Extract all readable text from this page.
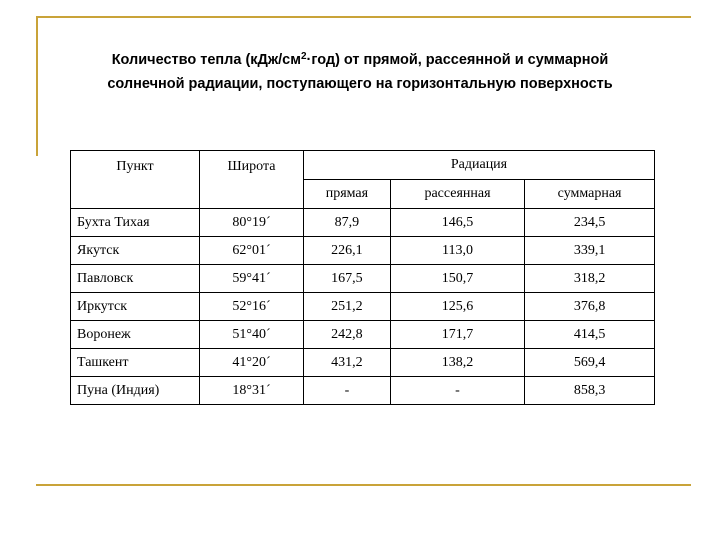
Количество тепла $(кДж/см^2\cdot год)$ от прямой, рассеянной и суммарной
солнечной радиации, поступающего на горизонтальную поверхность
Пункт	Широта	Радиация		
		прямая	рассеянная	суммарная
Бухта Тихая	80°19´	87,9	146,5	234,5
Якутск	62°01´	226,1	113,0	339,1
Павловск	59°41´	167,5	150,7	318,2
Иркутск	52°16´	251,2	125,6	376,8
Воронеж	51°40´	242,8	171,7	414,5
Ташкент	41°20´	431,2	138,2	569,4
Пуна (Индия)	18°31´	-	-	858,3
